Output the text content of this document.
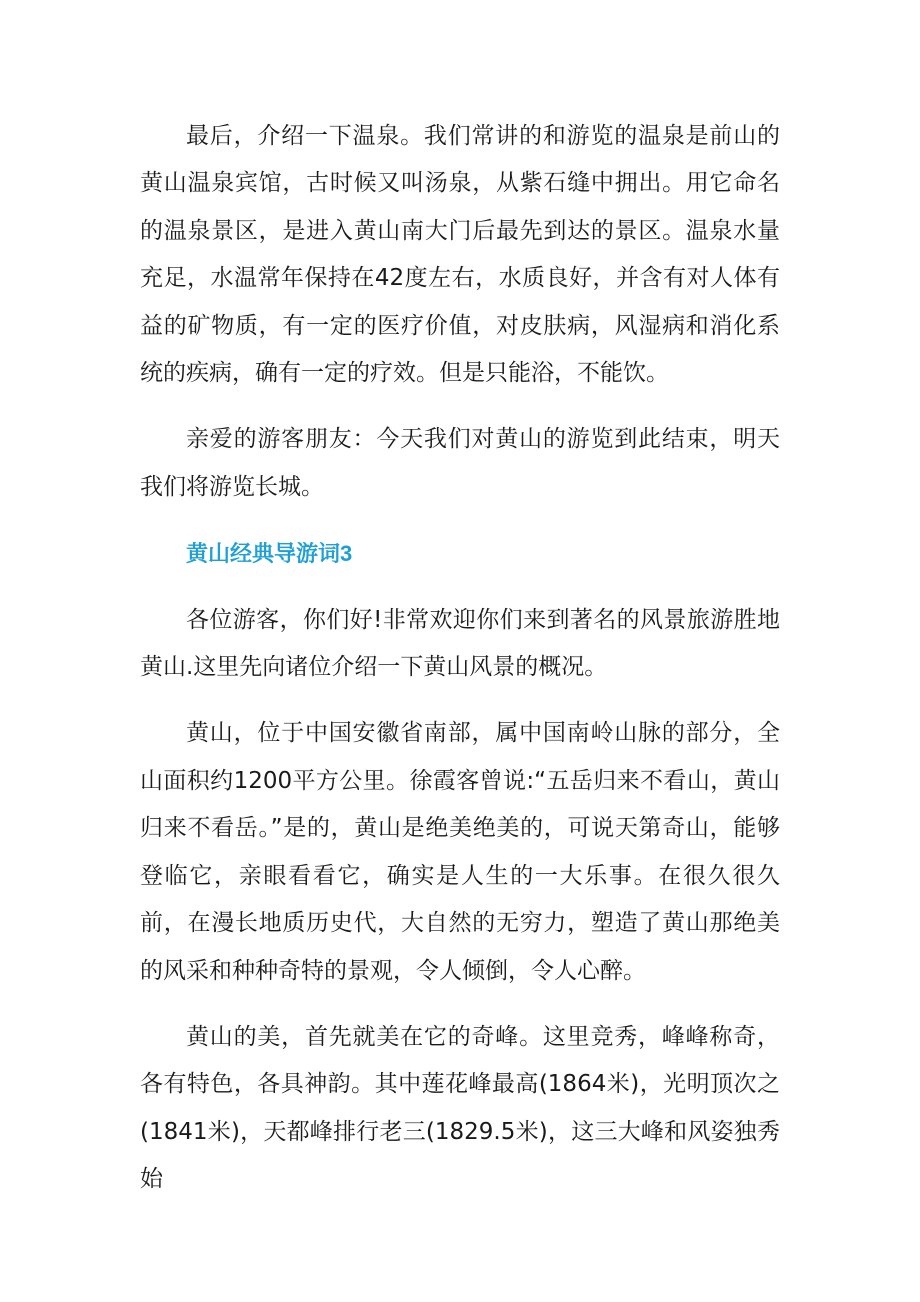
最后，介绍一下温泉。我们常讲的和游览的温泉是前山的黄山温泉宾馆，古时候又叫汤泉，从紫石缝中拥出。用它命名的温泉景区，是进入黄山南大门后最先到达的景区。温泉水量充足，水温常年保持在42度左右，水质良好，并含有对人体有益的矿物质，有一定的医疗价值，对皮肤病，风湿病和消化系统的疾病，确有一定的疗效。但是只能浴，不能饮。

亲爱的游客朋友：今天我们对黄山的游览到此结束，明天我们将游览长城。

黄山经典导游词3

各位游客，你们好!非常欢迎你们来到著名的风景旅游胜地黄山.这里先向诸位介绍一下黄山风景的概况。

黄山，位于中国安徽省南部，属中国南岭山脉的部分，全山面积约1200平方公里。徐霞客曾说:“五岳归来不看山，黄山归来不看岳。”是的，黄山是绝美绝美的，可说天第奇山，能够登临它，亲眼看看它，确实是人生的一大乐事。在很久很久前，在漫长地质历史代，大自然的无穷力，塑造了黄山那绝美的风采和种种奇特的景观，令人倾倒，令人心醉。

黄山的美，首先就美在它的奇峰。这里竞秀，峰峰称奇，各有特色，各具神韵。其中莲花峰最高(1864米)，光明顶次之(1841米)，天都峰排行老三(1829.5米)，这三大峰和风姿独秀始
